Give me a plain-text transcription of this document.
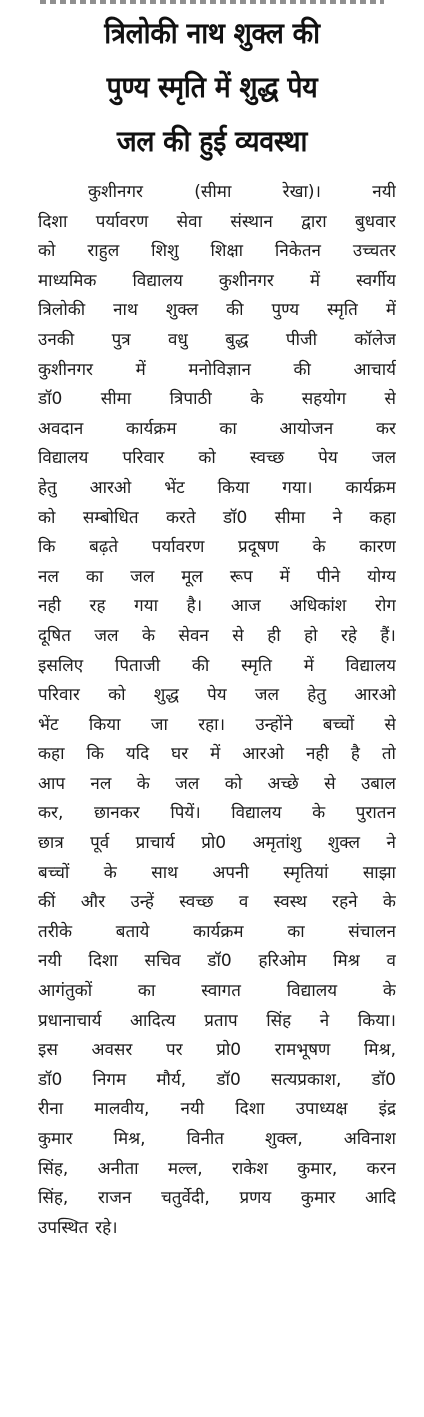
त्रिलोकी नाथ शुक्ल की
पुण्य स्मृति में शुद्ध पेय
जल की हुई व्यवस्था
कुशीनगर	(सीमा	रेखा)।	नयी
दिशा पर्यावरण सेवा संस्थान द्वारा बुधवार
को राहुल शिशु शिक्षा निकेतन उच्चतर
माध्यमिक विद्यालय कुशीनगर में स्वर्गीय
त्रिलोकी नाथ शुक्ल की पुण्य स्मृति में
उनकी पुत्र वधु बुद्ध पीजी कॉलेज
कुशीनगर	में	मनोविज्ञान	की	आचार्य
डॉ0 सीमा त्रिपाठी के सहयोग से
अवदान	कार्यक्रम	का	आयोजन	कर
विद्यालय परिवार को स्वच्छ पेय जल
हेतु आरओ भेंट किया गया। कार्यक्रम
को सम्बोधित करते डॉ0 सीमा ने कहा
कि बढ़ते पर्यावरण प्रदूषण के कारण
नल का जल मूल रूप में पीने योग्य
नही रह गया है। आज अधिकांश रोग
दूषित जल के सेवन से ही हो रहे हैं।
इसलिए पिताजी की स्मृति में विद्यालय
परिवार को शुद्ध पेय जल हेतु आरओ
भेंट किया जा रहा। उन्होंने बच्चों से
कहा कि यदि घर में आरओ नही है तो
आप नल के जल को अच्छे से उबाल
कर, छानकर पियें। विद्यालय के पुरातन
छात्र पूर्व प्राचार्य प्रो0 अमृतांशु शुक्ल ने
बच्चों के साथ अपनी स्मृतियां साझा
कीं और उन्हें स्वच्छ व स्वस्थ रहने के
तरीके	बताये	कार्यक्रम	का	संचालन
नयी दिशा सचिव डॉ0 हरिओम मिश्र व
आगंतुकों	का	स्वागत	विद्यालय	के
प्रधानाचार्य आदित्य प्रताप सिंह ने किया।
इस अवसर पर प्रो0 रामभूषण मिश्र,
डॉ0 निगम मौर्य, डॉ0 सत्यप्रकाश, डॉ0
रीना मालवीय, नयी दिशा उपाध्यक्ष इंद्र
कुमार मिश्र, विनीत शुक्ल, अविनाश
सिंह, अनीता मल्ल, राकेश कुमार, करन
सिंह, राजन चतुर्वेदी, प्रणय कुमार आदि
उपस्थित रहे।
